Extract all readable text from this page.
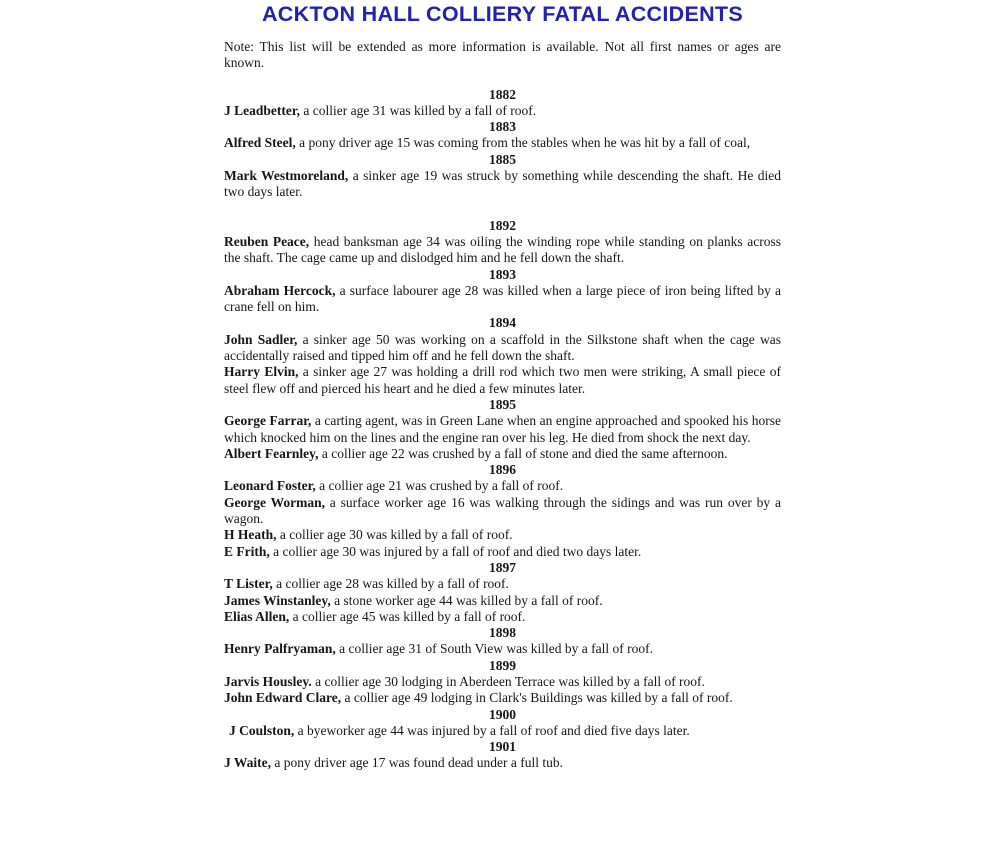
ACKTON HALL COLLIERY FATAL ACCIDENTS

Note: This list will be extended as more information is available. Not all first names or ages are known.

1882

J Leadbetter, a collier age 31 was killed by a fall of roof.

1883

Alfred Steel, a pony driver age 15 was coming from the stables when he was hit by a fall of coal,

1885

Mark Westmoreland, a sinker age 19 was struck by something while descending the shaft. He died two days later.

1892

Reuben Peace, head banksman age 34 was oiling the winding rope while standing on planks across the shaft. The cage came up and dislodged him and he fell down the shaft.

1893

Abraham Hercock, a surface labourer age 28 was killed when a large piece of iron being lifted by a crane fell on him.

1894

John Sadler, a sinker age 50 was working on a scaffold in the Silkstone shaft when the cage was accidentally raised and tipped him off and he fell down the shaft.

Harry Elvin, a sinker age 27 was holding a drill rod which two men were striking, A small piece of steel flew off and pierced his heart and he died a few minutes later.

1895

George Farrar, a carting agent, was in Green Lane when an engine approached and spooked his horse which knocked him on the lines and the engine ran over his leg. He died from shock the next day.

Albert Fearnley, a collier age 22 was crushed by a fall of stone and died the same afternoon.

1896

Leonard Foster, a collier age 21 was crushed by a fall of roof.

George Worman, a surface worker age 16 was walking through the sidings and was run over by a wagon.

H Heath, a collier age 30 was killed by a fall of roof.

E Frith, a collier age 30 was injured by a fall of roof and died two days later.

1897

T Lister, a collier age 28 was killed by a fall of roof.

James Winstanley, a stone worker age 44 was killed by a fall of roof.

Elias Allen, a collier age 45 was killed by a fall of roof.

1898

Henry Palfryaman, a collier age 31 of South View was killed by a fall of roof.

1899

Jarvis Housley. a collier age 30 lodging in Aberdeen Terrace was killed by a fall of roof.

John Edward Clare, a collier age 49 lodging in Clark's Buildings was killed by a fall of roof.

1900

J Coulston, a byeworker age 44 was injured by a fall of roof and died five days later.

1901

J Waite, a pony driver age 17 was found dead under a full tub.
